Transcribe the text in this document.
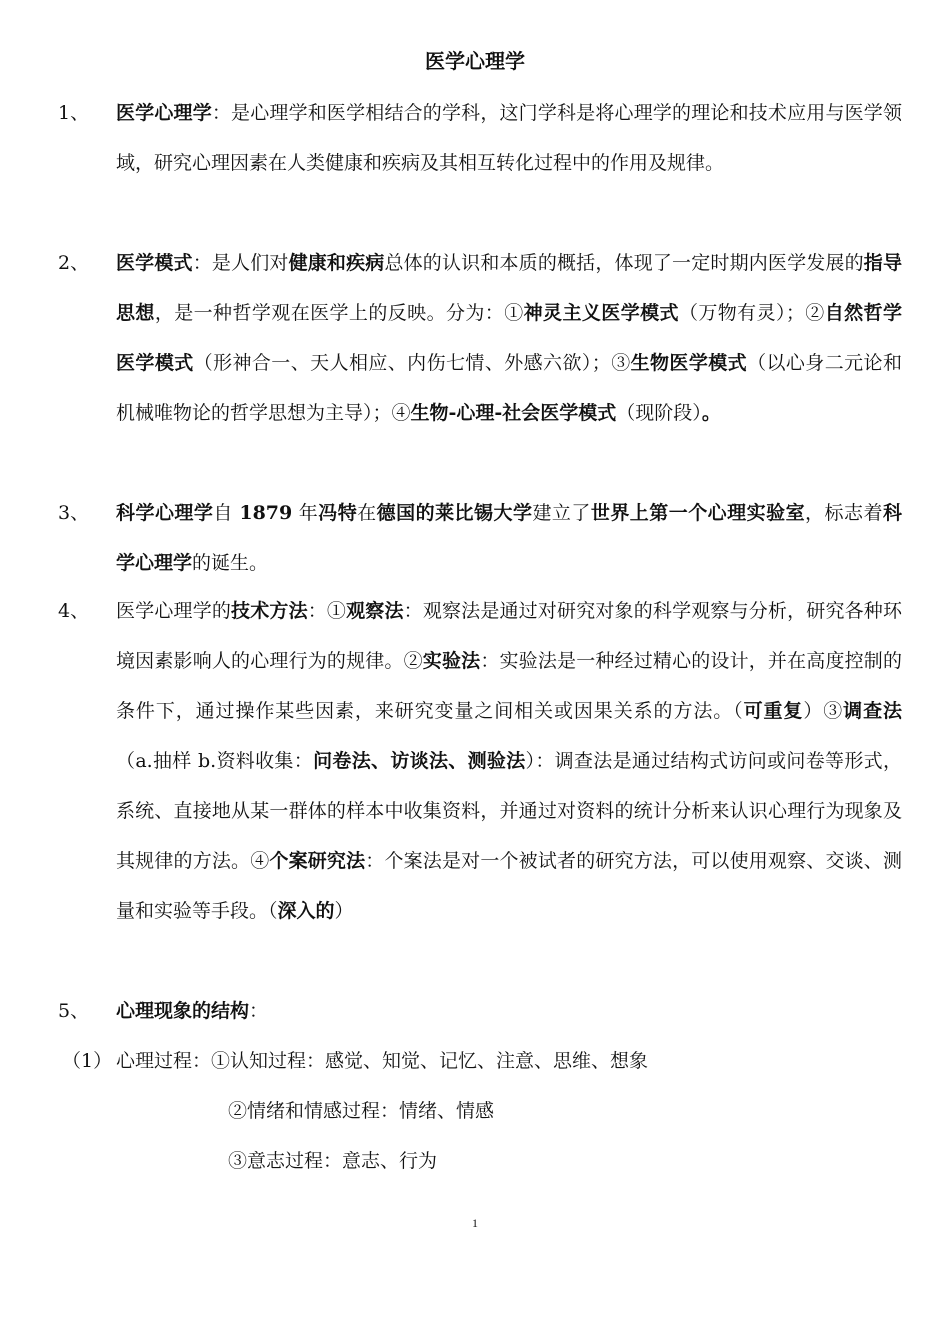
医学心理学
1、 医学心理学：是心理学和医学相结合的学科，这门学科是将心理学的理论和技术应用与医学领域，研究心理因素在人类健康和疾病及其相互转化过程中的作用及规律。
2、 医学模式：是人们对健康和疾病总体的认识和本质的概括，体现了一定时期内医学发展的指导思想，是一种哲学观在医学上的反映。分为：①神灵主义医学模式（万物有灵）；②自然哲学医学模式（形神合一、天人相应、内伤七情、外感六欲）；③生物医学模式（以心身二元论和机械唯物论的哲学思想为主导）；④生物-心理-社会医学模式（现阶段）。
3、 科学心理学自 1879 年冯特在德国的莱比锡大学建立了世界上第一个心理实验室，标志着科学心理学的诞生。
4、 医学心理学的技术方法：①观察法：观察法是通过对研究对象的科学观察与分析，研究各种环境因素影响人的心理行为的规律。②实验法：实验法是一种经过精心的设计，并在高度控制的条件下，通过操作某些因素，来研究变量之间相关或因果关系的方法。（可重复）③调查法（a.抽样 b.资料收集：问卷法、访谈法、测验法）：调查法是通过结构式访问或问卷等形式，系统、直接地从某一群体的样本中收集资料，并通过对资料的统计分析来认识心理行为现象及其规律的方法。④个案研究法：个案法是对一个被试者的研究方法，可以使用观察、交谈、测量和实验等手段。（深入的）
5、 心理现象的结构：
（1） 心理过程：①认知过程：感觉、知觉、记忆、注意、思维、想象
②情绪和情感过程：情绪、情感
③意志过程：意志、行为
1
